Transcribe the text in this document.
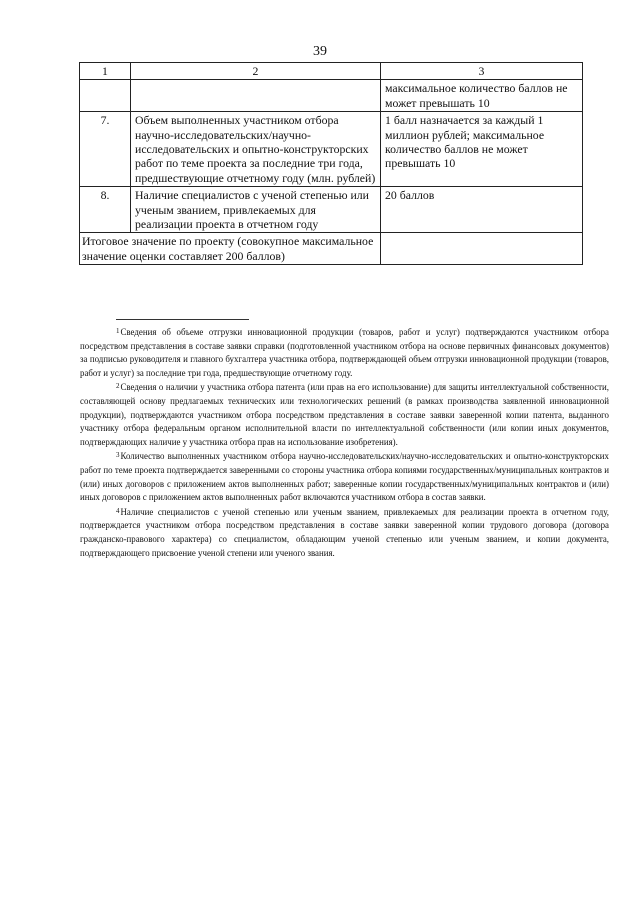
39
1	2	3
		максимальное количество баллов не может превышать 10
7.	Объем выполненных участником отбора научно-исследовательских/научно-исследовательских и опытно-конструкторских работ по теме проекта за последние три года, предшествующие отчетному году (млн. рублей)	1 балл назначается за каждый 1 миллион рублей; максимальное количество баллов не может превышать 10
8.	Наличие специалистов с ученой степенью или ученым званием, привлекаемых для реализации проекта в отчетном году	20 баллов
Итоговое значение по проекту (совокупное максимальное значение оценки составляет 200 баллов)		

$^1$Сведения об объеме отгрузки инновационной продукции (товаров, работ и услуг) подтверждаются участником отбора посредством представления в составе заявки справки (подготовленной участником отбора на основе первичных финансовых документов) за подписью руководителя и главного бухгалтера участника отбора, подтверждающей объем отгрузки инновационной продукции (товаров, работ и услуг) за последние три года, предшествующие отчетному году.

$^2$Сведения о наличии у участника отбора патента (или прав на его использование) для защиты интеллектуальной собственности, составляющей основу предлагаемых технических или технологических решений (в рамках производства заявленной инновационной продукции), подтверждаются участником отбора посредством представления в составе заявки заверенной копии патента, выданного участнику отбора федеральным органом исполнительной власти по интеллектуальной собственности (или копии иных документов, подтверждающих наличие у участника отбора прав на использование изобретения).

$^3$Количество выполненных участником отбора научно-исследовательских/научно-исследовательских и опытно-конструкторских работ по теме проекта подтверждается заверенными со стороны участника отбора копиями государственных/муниципальных контрактов и (или) иных договоров с приложением актов выполненных работ; заверенные копии государственных/муниципальных контрактов и (или) иных договоров с приложением актов выполненных работ включаются участником отбора в состав заявки.

$^4$Наличие специалистов с ученой степенью или ученым званием, привлекаемых для реализации проекта в отчетном году, подтверждается участником отбора посредством представления в составе заявки заверенной копии трудового договора (договора гражданско-правового характера) со специалистом, обладающим ученой степенью или ученым званием, и копии документа, подтверждающего присвоение ученой степени или ученого звания.
